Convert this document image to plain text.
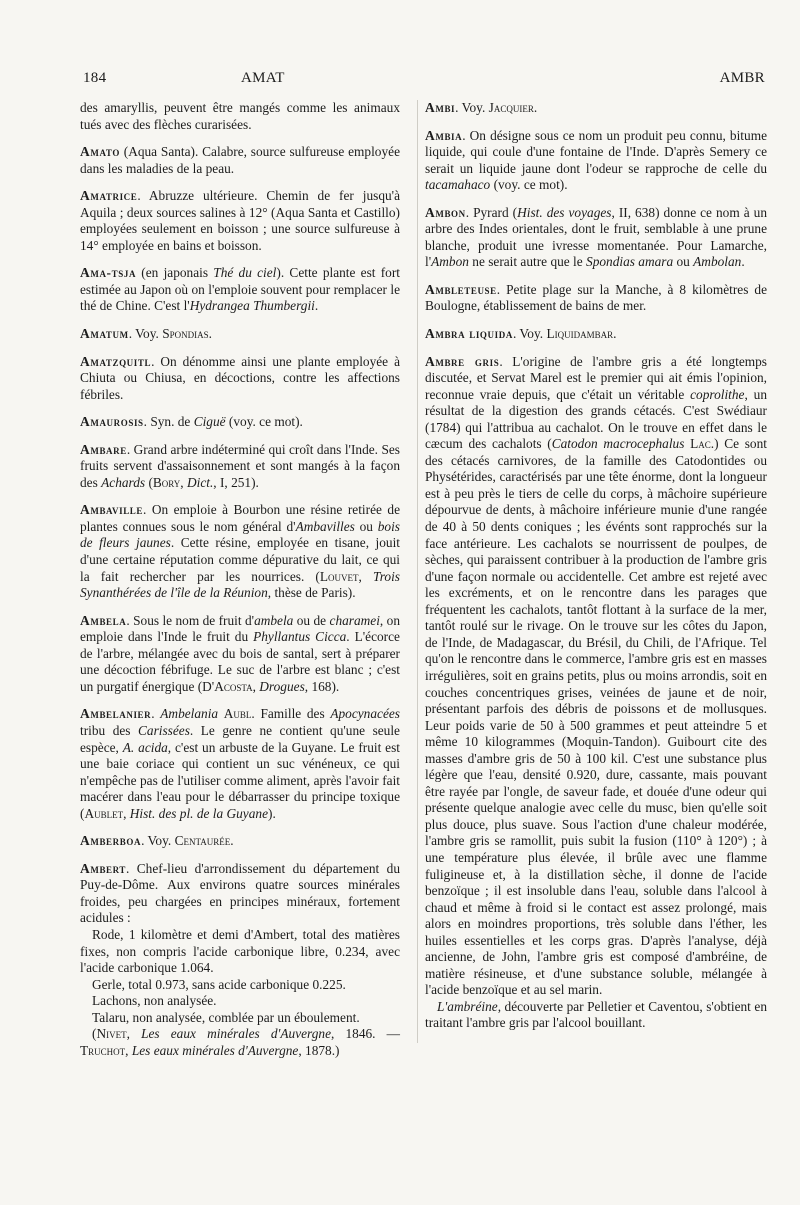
184	AMAT	AMBR

des amaryllis, peuvent être mangés comme les animaux tués avec des flèches curarisées.

Amato (Aqua Santa). Calabre, source sulfureuse employée dans les maladies de la peau.

Amatrice. Abruzze ultérieure. Chemin de fer jusqu'à Aquila ; deux sources salines à 12° (Aqua Santa et Castillo) employées seulement en boisson ; une source sulfureuse à 14° employée en bains et boisson.

Ama-tsja (en japonais Thé du ciel). Cette plante est fort estimée au Japon où on l'emploie souvent pour remplacer le thé de Chine. C'est l'Hydrangea Thumbergii.

Amatum. Voy. Spondias.

Amatzquitl. On dénomme ainsi une plante employée à Chiuta ou Chiusa, en décoctions, contre les affections fébriles.

Amaurosis. Syn. de Ciguë (voy. ce mot).

Ambare. Grand arbre indéterminé qui croît dans l'Inde. Ses fruits servent d'assaisonnement et sont mangés à la façon des Achards (Bory, Dict., I, 251).

Ambaville. On emploie à Bourbon une résine retirée de plantes connues sous le nom général d'Ambavilles ou bois de fleurs jaunes. Cette résine, employée en tisane, jouit d'une certaine réputation comme dépurative du lait, ce qui la fait rechercher par les nourrices. (Louvet, Trois Synanthérées de l'île de la Réunion, thèse de Paris).

Ambela. Sous le nom de fruit d'ambela ou de charamei, on emploie dans l'Inde le fruit du Phyllantus Cicca. L'écorce de l'arbre, mélangée avec du bois de santal, sert à préparer une décoction fébrifuge. Le suc de l'arbre est blanc ; c'est un purgatif énergique (D'Acosta, Drogues, 168).

Ambelanier. Ambelania Aubl. Famille des Apocynacées tribu des Carissées. Le genre ne contient qu'une seule espèce, A. acida, c'est un arbuste de la Guyane. Le fruit est une baie coriace qui contient un suc vénéneux, ce qui n'empêche pas de l'utiliser comme aliment, après l'avoir fait macérer dans l'eau pour le débarrasser du principe toxique (Aublet, Hist. des pl. de la Guyane).

Amberboa. Voy. Centaurée.

Ambert. Chef-lieu d'arrondissement du département du Puy-de-Dôme. Aux environs quatre sources minérales froides, peu chargées en principes minéraux, fortement acidules :

Rode, 1 kilomètre et demi d'Ambert, total des matières fixes, non compris l'acide carbonique libre, 0.234, avec l'acide carbonique 1.064.

Gerle, total 0.973, sans acide carbonique 0.225.

Lachons, non analysée.

Talaru, non analysée, comblée par un éboulement.

(Nivet, Les eaux minérales d'Auvergne, 1846. — Truchot, Les eaux minérales d'Auvergne, 1878.)

Ambi. Voy. Jacquier.

Ambia. On désigne sous ce nom un produit peu connu, bitume liquide, qui coule d'une fontaine de l'Inde. D'après Semery ce serait un liquide jaune dont l'odeur se rapproche de celle du tacamahaco (voy. ce mot).

Ambon. Pyrard (Hist. des voyages, II, 638) donne ce nom à un arbre des Indes orientales, dont le fruit, semblable à une prune blanche, produit une ivresse momentanée. Pour Lamarche, l'Ambon ne serait autre que le Spondias amara ou Ambolan.

Ambleteuse. Petite plage sur la Manche, à 8 kilomètres de Boulogne, établissement de bains de mer.

Ambra liquida. Voy. Liquidambar.

Ambre gris. L'origine de l'ambre gris a été longtemps discutée, et Servat Marel est le premier qui ait émis l'opinion, reconnue vraie depuis, que c'était un véritable coprolithe, un résultat de la digestion des grands cétacés. C'est Swédiaur (1784) qui l'attribua au cachalot. On le trouve en effet dans le cæcum des cachalots (Catodon macrocephalus Lac.) Ce sont des cétacés carnivores, de la famille des Catodontides ou Physétérides, caractérisés par une tête énorme, dont la longueur est à peu près le tiers de celle du corps, à mâchoire supérieure dépourvue de dents, à mâchoire inférieure munie d'une rangée de 40 à 50 dents coniques ; les événts sont rapprochés sur la face antérieure. Les cachalots se nourrissent de poulpes, de sèches, qui paraissent contribuer à la production de l'ambre gris d'une façon normale ou accidentelle. Cet ambre est rejeté avec les excréments, et on le rencontre dans les parages que fréquentent les cachalots, tantôt flottant à la surface de la mer, tantôt roulé sur le rivage. On le trouve sur les côtes du Japon, de l'Inde, de Madagascar, du Brésil, du Chili, de l'Afrique. Tel qu'on le rencontre dans le commerce, l'ambre gris est en masses irrégulières, soit en grains petits, plus ou moins arrondis, soit en couches concentriques grises, veinées de jaune et de noir, présentant parfois des débris de poissons et de mollusques. Leur poids varie de 50 à 500 grammes et peut atteindre 5 et même 10 kilogrammes (Moquin-Tandon). Guibourt cite des masses d'ambre gris de 50 à 100 kil. C'est une substance plus légère que l'eau, densité 0.920, dure, cassante, mais pouvant être rayée par l'ongle, de saveur fade, et douée d'une odeur qui présente quelque analogie avec celle du musc, bien qu'elle soit plus douce, plus suave. Sous l'action d'une chaleur modérée, l'ambre gris se ramollit, puis subit la fusion (110° à 120°) ; à une température plus élevée, il brûle avec une flamme fuligineuse et, à la distillation sèche, il donne de l'acide benzoïque ; il est insoluble dans l'eau, soluble dans l'alcool à chaud et même à froid si le contact est assez prolongé, mais alors en moindres proportions, très soluble dans l'éther, les huiles essentielles et les corps gras. D'après l'analyse, déjà ancienne, de John, l'ambre gris est composé d'ambréine, de matière résineuse, et d'une substance soluble, mélangée à l'acide benzoïque et au sel marin.

L'ambréine, découverte par Pelletier et Caventou, s'obtient en traitant l'ambre gris par l'alcool bouillant.
